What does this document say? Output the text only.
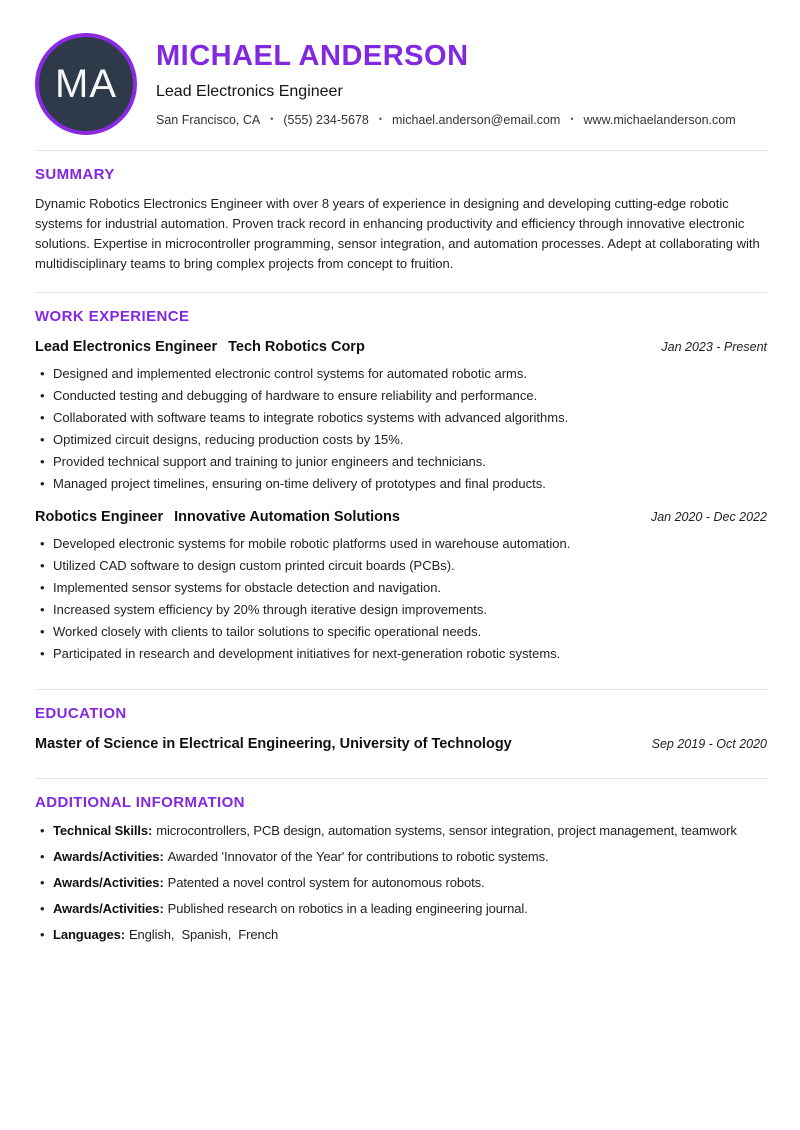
MA
MICHAEL ANDERSON
Lead Electronics Engineer
San Francisco, CA • (555) 234-5678 • michael.anderson@email.com • www.michaelanderson.com
SUMMARY

Dynamic Robotics Electronics Engineer with over 8 years of experience in designing and developing cutting-edge robotic systems for industrial automation. Proven track record in enhancing productivity and efficiency through innovative electronic solutions. Expertise in microcontroller programming, sensor integration, and automation processes. Adept at collaborating with multidisciplinary teams to bring complex projects from concept to fruition.

WORK EXPERIENCE
Lead Electronics Engineer Tech Robotics Corp	Jan 2023 - Present
• Designed and implemented electronic control systems for automated robotic arms.
• Conducted testing and debugging of hardware to ensure reliability and performance.
• Collaborated with software teams to integrate robotics systems with advanced algorithms.
• Optimized circuit designs, reducing production costs by 15%.
• Provided technical support and training to junior engineers and technicians.
• Managed project timelines, ensuring on-time delivery of prototypes and final products.
Robotics Engineer Innovative Automation Solutions	Jan 2020 - Dec 2022
• Developed electronic systems for mobile robotic platforms used in warehouse automation.
• Utilized CAD software to design custom printed circuit boards (PCBs).
• Implemented sensor systems for obstacle detection and navigation.
• Increased system efficiency by 20% through iterative design improvements.
• Worked closely with clients to tailor solutions to specific operational needs.
• Participated in research and development initiatives for next-generation robotic systems.
EDUCATION
Master of Science in Electrical Engineering, University of Technology	Sep 2019 - Oct 2020
ADDITIONAL INFORMATION
• Technical Skills: microcontrollers, PCB design, automation systems, sensor integration, project management, teamwork
• Awards/Activities: Awarded 'Innovator of the Year' for contributions to robotic systems.
• Awards/Activities: Patented a novel control system for autonomous robots.
• Awards/Activities: Published research on robotics in a leading engineering journal.
• Languages: English,  Spanish,  French
